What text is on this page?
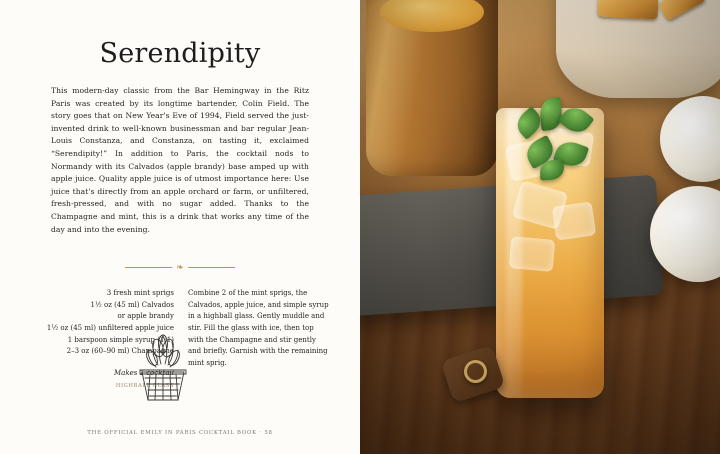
Serendipity

This modern-day classic from the Bar Hemingway in the Ritz Paris was created by its longtime bartender, Colin Field. The story goes that on New Year's Eve of 1994, Field served the just-invented drink to well-known businessman and bar regular Jean-Louis Constanza, and Constanza, on tasting it, exclaimed “Serendipity!” In addition to Paris, the cocktail nods to Normandy with its Calvados (apple brandy) base amped up with apple juice. Quality apple juice is of utmost importance here: Use juice that's directly from an apple orchard or farm, or unfiltered, fresh-pressed, and with no sugar added. Thanks to the Champagne and mint, this is a drink that works any time of the day and into the evening.

❧
3 fresh mint sprigs
1½ oz (45 ml) Calvados
or apple brandy
1½ oz (45 ml) unfiltered apple juice
1 barspoon simple syrup (1:1)
2–3 oz (60–90 ml) Champagne
Makes 1 cocktail
HIGHBALL GLASS
Combine 2 of the mint sprigs, the Calvados, apple juice, and simple syrup in a highball glass. Gently muddle and stir. Fill the glass with ice, then top with the Champagne and stir gently and briefly. Garnish with the remaining mint sprig.
THE OFFICIAL EMILY IN PARIS COCKTAIL BOOK · 58
